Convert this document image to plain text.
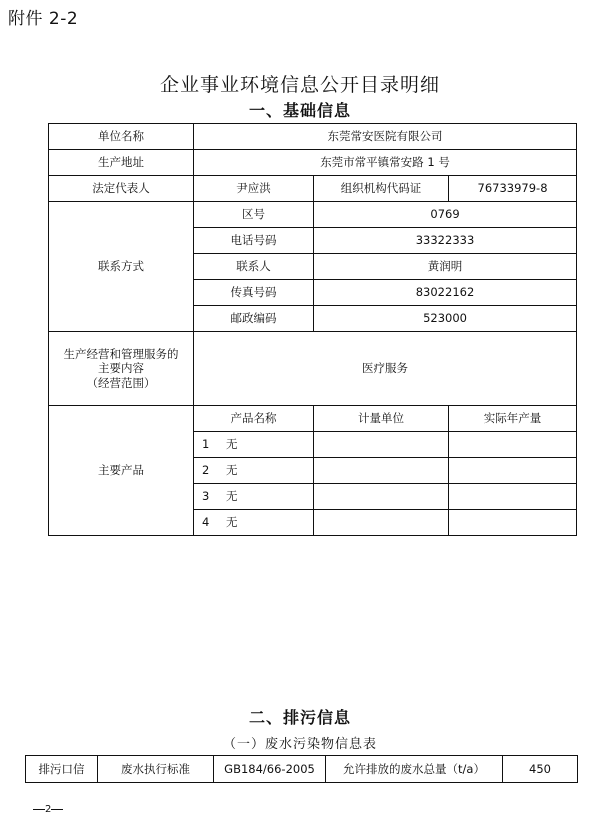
附件 2-2
企业事业环境信息公开目录明细
一、基础信息
单位名称	东莞常安医院有限公司		
生产地址	东莞市常平镇常安路 1 号		
法定代表人	尹应洪	组织机构代码证	76733979-8
联系方式	区号	0769	
	电话号码	33322333	
	联系人	黄润明	
	传真号码	83022162	
	邮政编码	523000	

生产经营和管理服务的
主要内容
（经营范围）	医疗服务		
主要产品	产品名称	计量单位	实际年产量
	1 无		
	2 无		
	3 无		
	4 无		
二、排污信息
（一）废水污染物信息表
排污口信	废水执行标准	GB184/66-2005	允许排放的废水总量（t/a）	450
2
